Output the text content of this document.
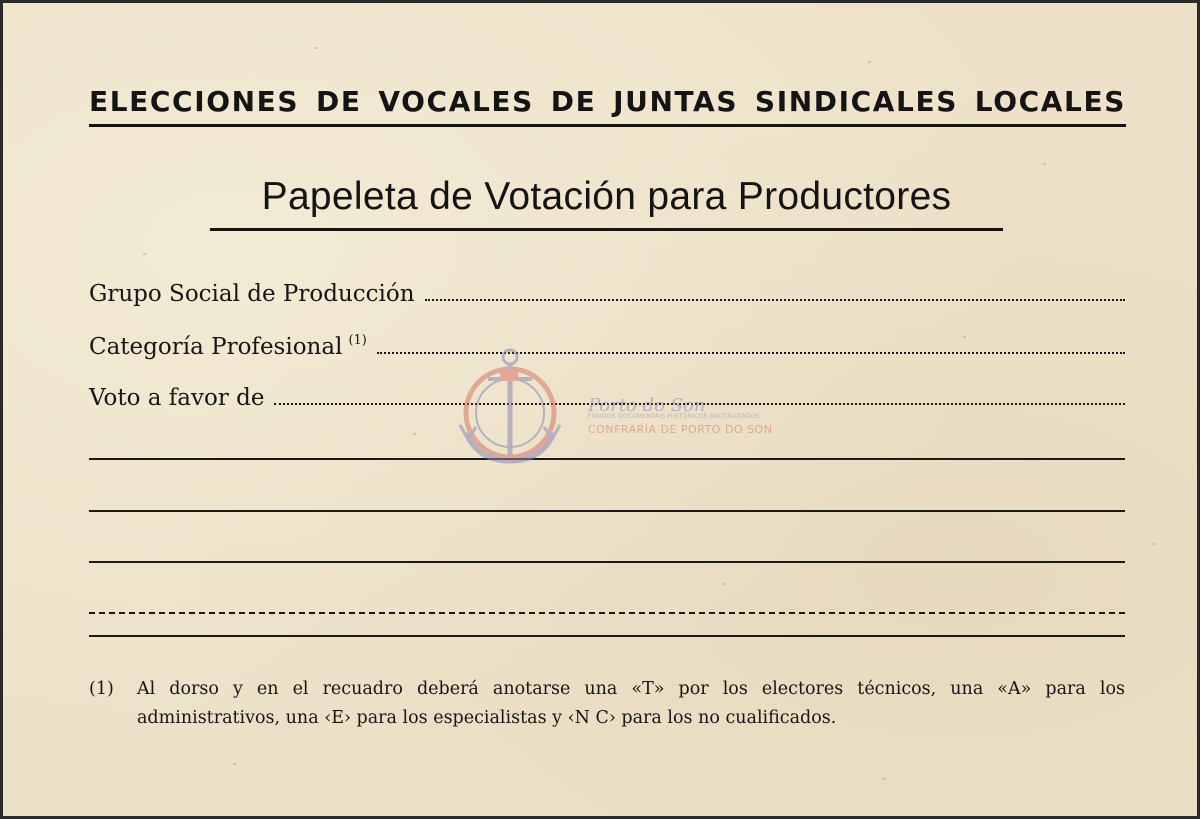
ELECCIONES DE VOCALES DE JUNTAS SINDICALES LOCALES
Papeleta de Votación para Productores
Grupo Social de Producción
Categoría Profesional $^{(1)}$
Voto a favor de	Porto do Son
FONDOS DOCUMENTAIS HISTÓRICOS DIXITALIZADOS
CONFRARÍA DE PORTO DO SON
(1)	Al dorso y en el recuadro deberá anotarse una «T» por los electores técnicos, una «A» para los administrativos, una ‹E› para los especialistas y ‹N C› para los no cualificados.
